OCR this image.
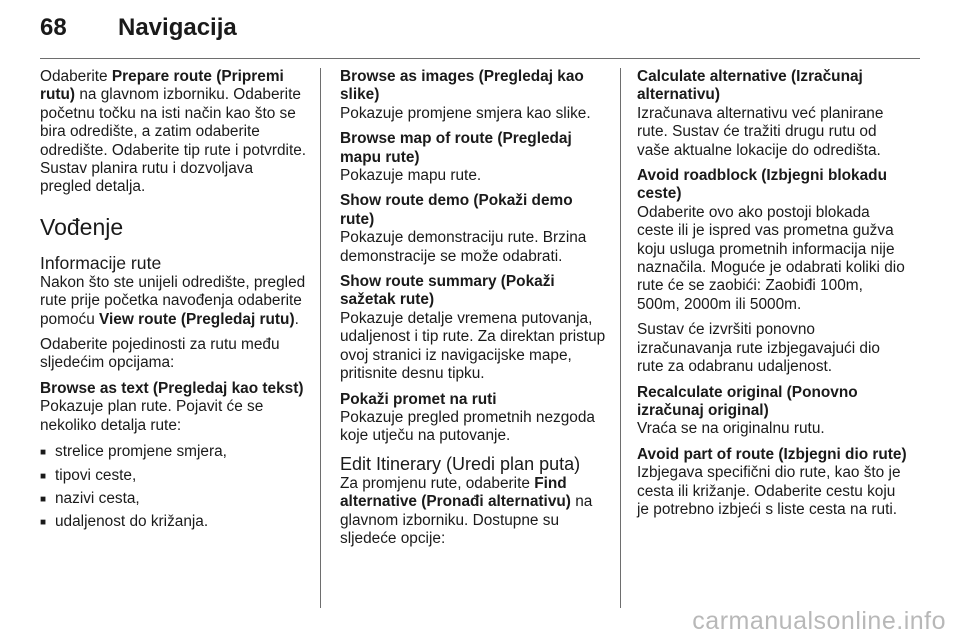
68 Navigacija

Odaberite Prepare route (Pripremi rutu) na glavnom izborniku. Odaberite početnu točku na isti način kao što se bira odredište, a zatim odaberite odredište. Odaberite tip rute i potvrdite. Sustav planira rutu i dozvoljava pregled detalja.

Vođenje
Informacije rute

Nakon što ste unijeli odredište, pregled rute prije početka navođenja odaberite pomoću View route (Pregledaj rutu).

Odaberite pojedinosti za rutu među sljedećim opcijama:

Browse as text (Pregledaj kao tekst)
Pokazuje plan rute. Pojavit će se nekoliko detalja rute:
■ strelice promjene smjera,
■ tipovi ceste,
■ nazivi cesta,
■ udaljenost do križanja.

Browse as images (Pregledaj kao slike)
Pokazuje promjene smjera kao slike.

Browse map of route (Pregledaj mapu rute)
Pokazuje mapu rute.

Show route demo (Pokaži demo rute)
Pokazuje demonstraciju rute. Brzina demonstracije se može odabrati.

Show route summary (Pokaži sažetak rute)
Pokazuje detalje vremena putovanja, udaljenost i tip rute. Za direktan pristup ovoj stranici iz navigacijske mape, pritisnite desnu tipku.

Pokaži promet na ruti
Pokazuje pregled prometnih nezgoda koje utječu na putovanje.

Edit Itinerary (Uredi plan puta)

Za promjenu rute, odaberite Find alternative (Pronađi alternativu) na glavnom izborniku. Dostupne su sljedeće opcije:

Calculate alternative (Izračunaj alternativu)
Izračunava alternativu već planirane rute. Sustav će tražiti drugu rutu od vaše aktualne lokacije do odredišta.

Avoid roadblock (Izbjegni blokadu ceste)
Odaberite ovo ako postoji blokada ceste ili je ispred vas prometna gužva koju usluga prometnih informacija nije naznačila. Moguće je odabrati koliki dio rute će se zaobići: Zaobiđi 100m, 500m, 2000m ili 5000m.

Sustav će izvršiti ponovno izračunavanja rute izbjegavajući dio rute za odabranu udaljenost.

Recalculate original (Ponovno izračunaj original)
Vraća se na originalnu rutu.

Avoid part of route (Izbjegni dio rute)
Izbjegava specifični dio rute, kao što je cesta ili križanje. Odaberite cestu koju je potrebno izbjeći s liste cesta na ruti.

carmanualsonline.info
